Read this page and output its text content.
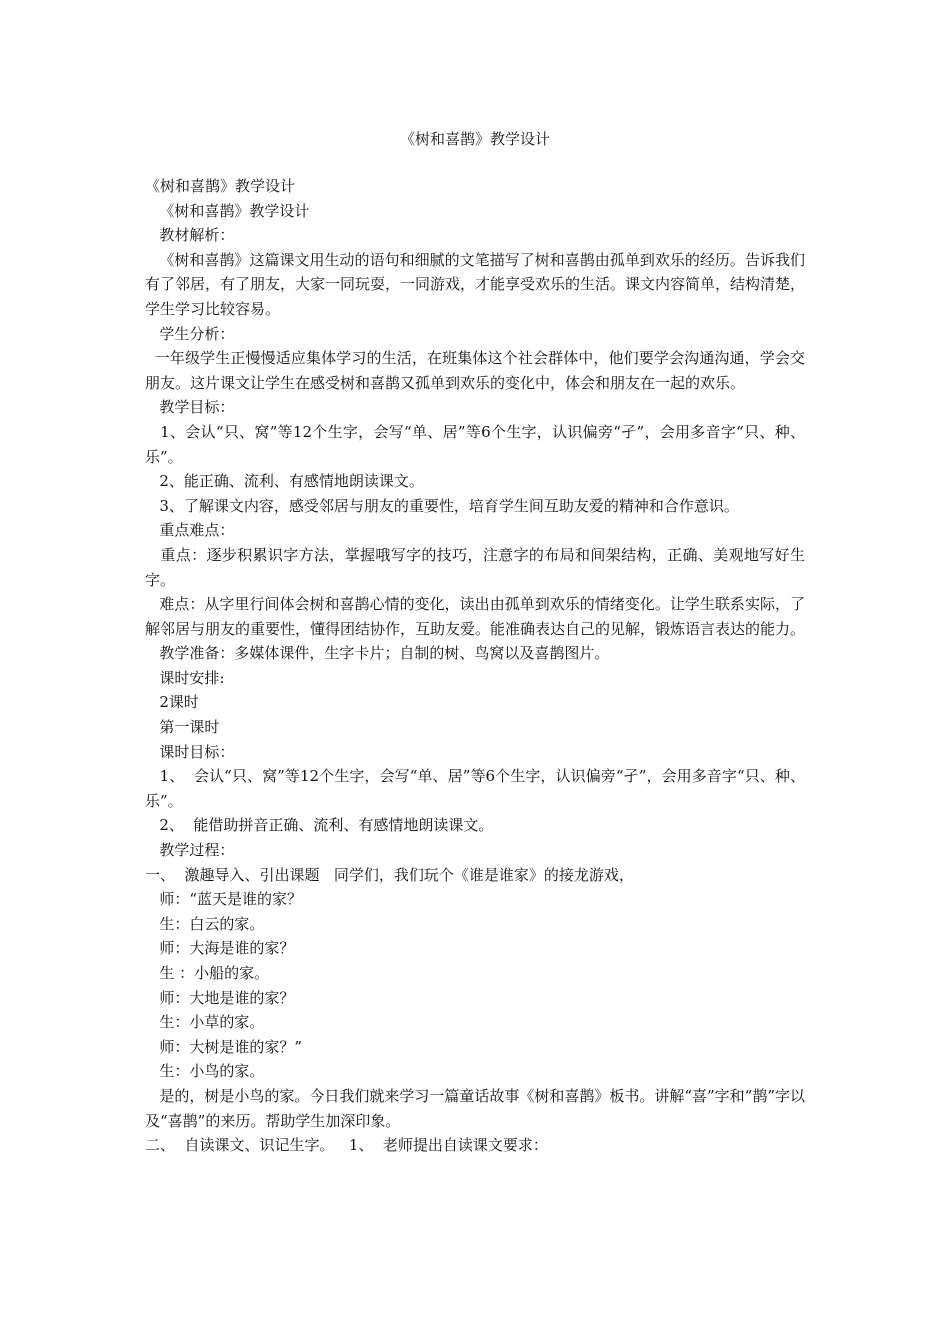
《树和喜鹊》教学设计

《树和喜鹊》教学设计

《树和喜鹊》教学设计

教材解析：

《树和喜鹊》这篇课文用生动的语句和细腻的文笔描写了树和喜鹊由孤单到欢乐的经历。告诉我们有了邻居，有了朋友，大家一同玩耍，一同游戏，才能享受欢乐的生活。课文内容简单，结构清楚，学生学习比较容易。

学生分析：

一年级学生正慢慢适应集体学习的生活，在班集体这个社会群体中，他们要学会沟通沟通，学会交朋友。这片课文让学生在感受树和喜鹊又孤单到欢乐的变化中，体会和朋友在一起的欢乐。

教学目标：

1、会认“只、窝”等12个生字，会写“单、居”等6个生字，认识偏旁“孑”，会用多音字“只、种、乐”。

2、能正确、流利、有感情地朗读课文。

3、了解课文内容，感受邻居与朋友的重要性，培育学生间互助友爱的精神和合作意识。

重点难点：

重点：逐步积累识字方法，掌握哦写字的技巧，注意字的布局和间架结构，正确、美观地写好生字。

难点：从字里行间体会树和喜鹊心情的变化，读出由孤单到欢乐的情绪变化。让学生联系实际，了解邻居与朋友的重要性，懂得团结协作，互助友爱。能准确表达自己的见解，锻炼语言表达的能力。

教学准备：多媒体课件，生字卡片；自制的树、鸟窝以及喜鹊图片。

课时安排:

2课时

第一课时

课时目标：

1、  会认“只、窝”等12个生字，会写“单、居”等6个生字，认识偏旁“孑”，会用多音字“只、种、乐”。

2、  能借助拼音正确、流利、有感情地朗读课文。

教学过程：

一、  激趣导入、引出课题   同学们，我们玩个《谁是谁家》的接龙游戏，

师：“蓝天是谁的家？

生：白云的家。

师：大海是谁的家？

生 ：小船的家。

师：大地是谁的家？

生：小草的家。

师：大树是谁的家？”

生：小鸟的家。

是的，树是小鸟的家。今日我们就来学习一篇童话故事《树和喜鹊》板书。讲解“喜”字和“鹊”字以及“喜鹊”的来历。帮助学生加深印象。

二、  自读课文、识记生字。   1、  老师提出自读课文要求：
